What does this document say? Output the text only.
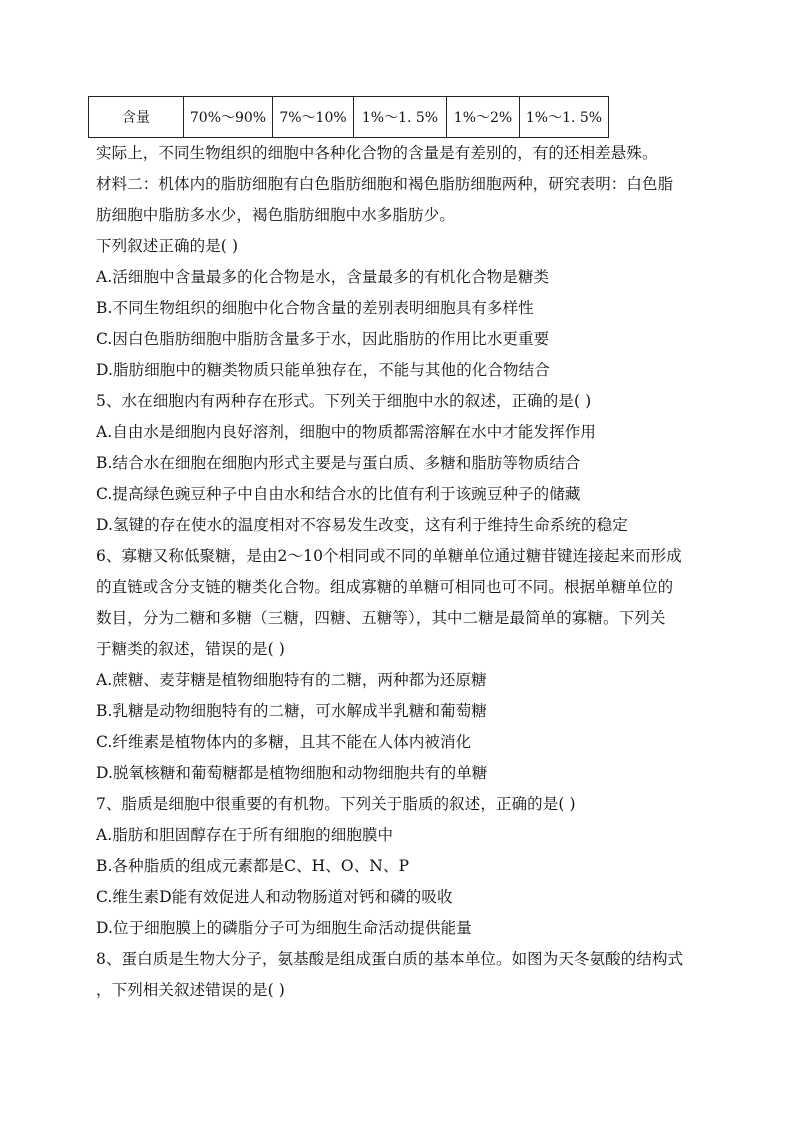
含量	70%～90%	7%～10%	1%～1. 5%	1%～2%	1%～1. 5%
实际上，不同生物组织的细胞中各种化合物的含量是有差别的，有的还相差悬殊。
材料二：机体内的脂肪细胞有白色脂肪细胞和褐色脂肪细胞两种，研究表明：白色脂
肪细胞中脂肪多水少，褐色脂肪细胞中水多脂肪少。
下列叙述正确的是( )
A.活细胞中含量最多的化合物是水，含量最多的有机化合物是糖类
B.不同生物组织的细胞中化合物含量的差别表明细胞具有多样性
C.因白色脂肪细胞中脂肪含量多于水，因此脂肪的作用比水更重要
D.脂肪细胞中的糖类物质只能单独存在，不能与其他的化合物结合
5、水在细胞内有两种存在形式。下列关于细胞中水的叙述，正确的是( )
A.自由水是细胞内良好溶剂，细胞中的物质都需溶解在水中才能发挥作用
B.结合水在细胞在细胞内形式主要是与蛋白质、多糖和脂肪等物质结合
C.提高绿色豌豆种子中自由水和结合水的比值有利于该豌豆种子的储藏
D.氢键的存在使水的温度相对不容易发生改变，这有利于维持生命系统的稳定
6、寡糖又称低聚糖，是由2～10个相同或不同的单糖单位通过糖苷键连接起来而形成
的直链或含分支链的糖类化合物。组成寡糖的单糖可相同也可不同。根据单糖单位的
数目，分为二糖和多糖（三糖，四糖、五糖等），其中二糖是最简单的寡糖。下列关
于糖类的叙述，错误的是( )
A.蔗糖、麦芽糖是植物细胞特有的二糖，两种都为还原糖
B.乳糖是动物细胞特有的二糖，可水解成半乳糖和葡萄糖
C.纤维素是植物体内的多糖，且其不能在人体内被消化
D.脱氧核糖和葡萄糖都是植物细胞和动物细胞共有的单糖
7、脂质是细胞中很重要的有机物。下列关于脂质的叙述，正确的是( )
A.脂肪和胆固醇存在于所有细胞的细胞膜中
B.各种脂质的组成元素都是C、H、O、N、P
C.维生素D能有效促进人和动物肠道对钙和磷的吸收
D.位于细胞膜上的磷脂分子可为细胞生命活动提供能量
8、蛋白质是生物大分子，氨基酸是组成蛋白质的基本单位。如图为天冬氨酸的结构式
，下列相关叙述错误的是( )
